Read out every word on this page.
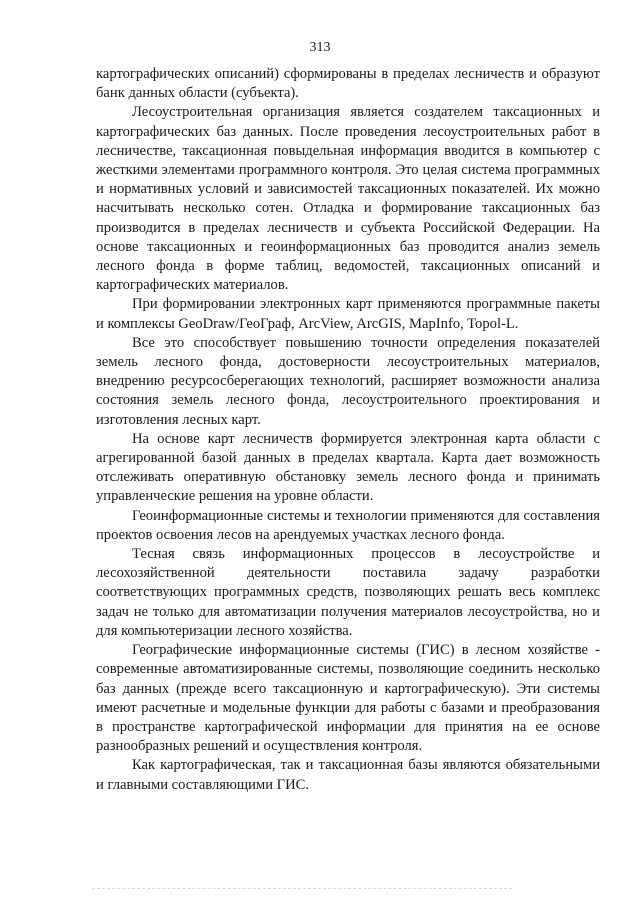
313

картографических описаний) сформированы в пределах лесничеств и образуют банк данных области (субъекта).

Лесоустроительная организация является создателем таксационных и картографических баз данных. После проведения лесоустроительных работ в лесничестве, таксационная повыдельная информация вводится в компьютер с жесткими элементами программного контроля. Это целая система программных и нормативных условий и зависимостей таксационных показателей. Их можно насчитывать несколько сотен. Отладка и формирование таксационных баз производится в пределах лесничеств и субъекта Российской Федерации. На основе таксационных и геоинформационных баз проводится анализ земель лесного фонда в форме таблиц, ведомостей, таксационных описаний и картографических материалов.

При формировании электронных карт применяются программные пакеты и комплексы GeoDraw/ГеоГраф, ArcView, ArcGIS, MapInfo, Topol-L.

Все это способствует повышению точности определения показателей земель лесного фонда, достоверности лесоустроительных материалов, внедрению ресурсосберегающих технологий, расширяет возможности анализа состояния земель лесного фонда, лесоустроительного проектирования и изготовления лесных карт.

На основе карт лесничеств формируется электронная карта области с агрегированной базой данных в пределах квартала. Карта дает возможность отслеживать оперативную обстановку земель лесного фонда и принимать управленческие решения на уровне области.

Геоинформационные системы и технологии применяются для составления проектов освоения лесов на арендуемых участках лесного фонда.

Тесная связь информационных процессов в лесоустройстве и лесохозяйственной деятельности поставила задачу разработки соответствующих программных средств, позволяющих решать весь комплекс задач не только для автоматизации получения материалов лесоустройства, но и для компьютеризации лесного хозяйства.

Географические информационные системы (ГИС) в лесном хозяйстве - современные автоматизированные системы, позволяющие соединить несколько баз данных (прежде всего таксационную и картографическую). Эти системы имеют расчетные и модельные функции для работы с базами и преобразования в пространстве картографической информации для принятия на ее основе разнообразных решений и осуществления контроля.

Как картографическая, так и таксационная базы являются обязательными и главными составляющими ГИС.
